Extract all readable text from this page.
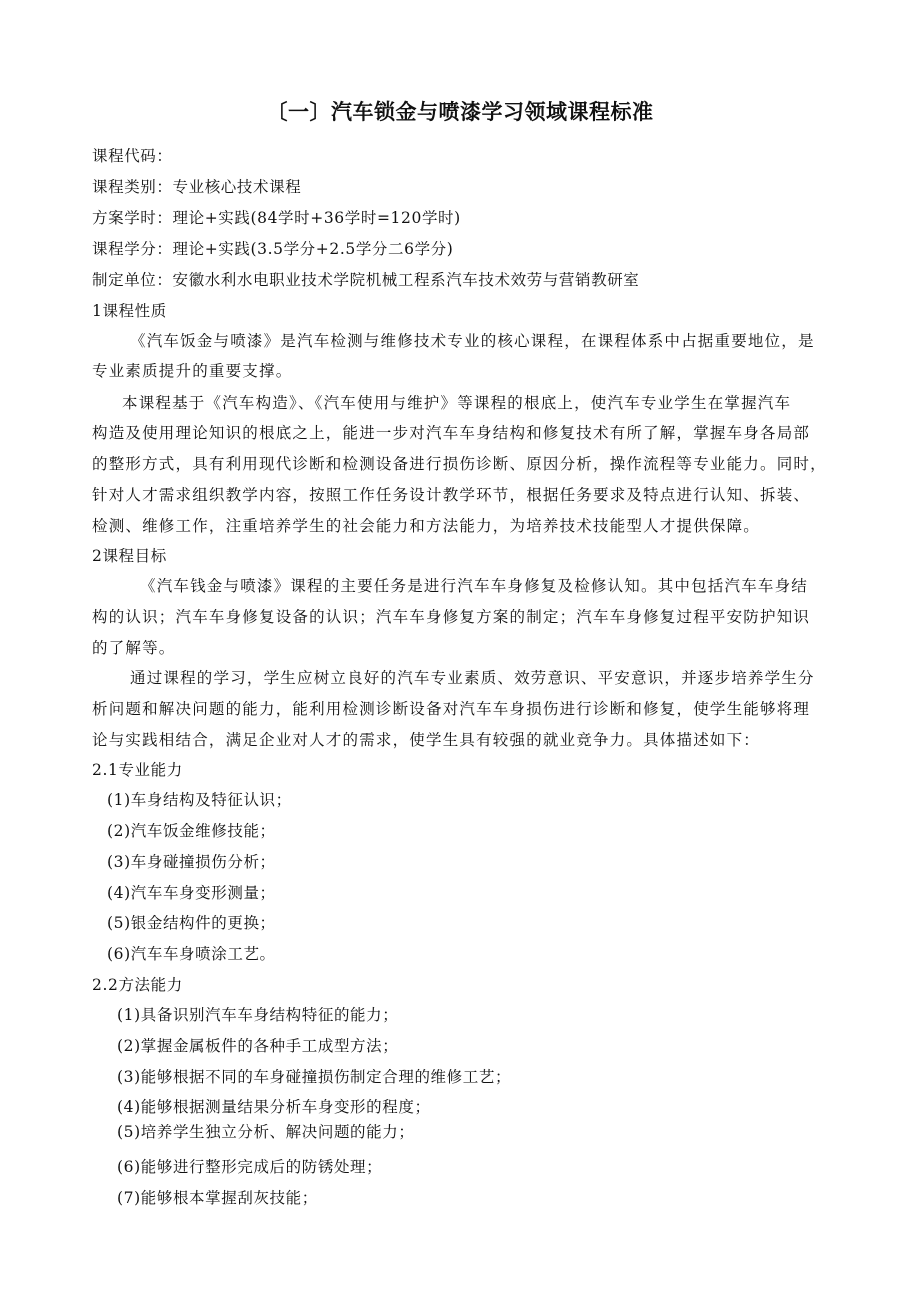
〔一〕汽车锁金与喷漆学习领域课程标准
课程代码：
课程类别：专业核心技术课程
方案学时：理论+实践(84学时+36学时=120学时)
课程学分：理论+实践(3.5学分+2.5学分二6学分)
制定单位：安徽水利水电职业技术学院机械工程系汽车技术效劳与营销教研室
1课程性质
《汽车饭金与喷漆》是汽车检测与维修技术专业的核心课程，在课程体系中占据重要地位，是
专业素质提升的重要支撑。
本课程基于《汽车构造》、《汽车使用与维护》等课程的根底上，使汽车专业学生在掌握汽车
构造及使用理论知识的根底之上，能进一步对汽车车身结构和修复技术有所了解，掌握车身各局部
的整形方式，具有利用现代诊断和检测设备进行损伤诊断、原因分析，操作流程等专业能力。同时，
针对人才需求组织教学内容，按照工作任务设计教学环节，根据任务要求及特点进行认知、拆装、
检测、维修工作，注重培养学生的社会能力和方法能力，为培养技术技能型人才提供保障。
2课程目标
《汽车钱金与喷漆》课程的主要任务是进行汽车车身修复及检修认知。其中包括汽车车身结
构的认识；汽车车身修复设备的认识；汽车车身修复方案的制定；汽车车身修复过程平安防护知识
的了解等。
通过课程的学习，学生应树立良好的汽车专业素质、效劳意识、平安意识，并逐步培养学生分
析问题和解决问题的能力，能利用检测诊断设备对汽车车身损伤进行诊断和修复，使学生能够将理
论与实践相结合，满足企业对人才的需求，使学生具有较强的就业竞争力。具体描述如下：
2.1专业能力
(1)车身结构及特征认识；
(2)汽车饭金维修技能；
(3)车身碰撞损伤分析；
(4)汽车车身变形测量；
(5)银金结构件的更换；
(6)汽车车身喷涂工艺。
2.2方法能力
(1)具备识别汽车车身结构特征的能力；
(2)掌握金属板件的各种手工成型方法；
(3)能够根据不同的车身碰撞损伤制定合理的维修工艺；
(4)能够根据测量结果分析车身变形的程度；
(5)培养学生独立分析、解决问题的能力；
(6)能够进行整形完成后的防锈处理；
(7)能够根本掌握刮灰技能；
